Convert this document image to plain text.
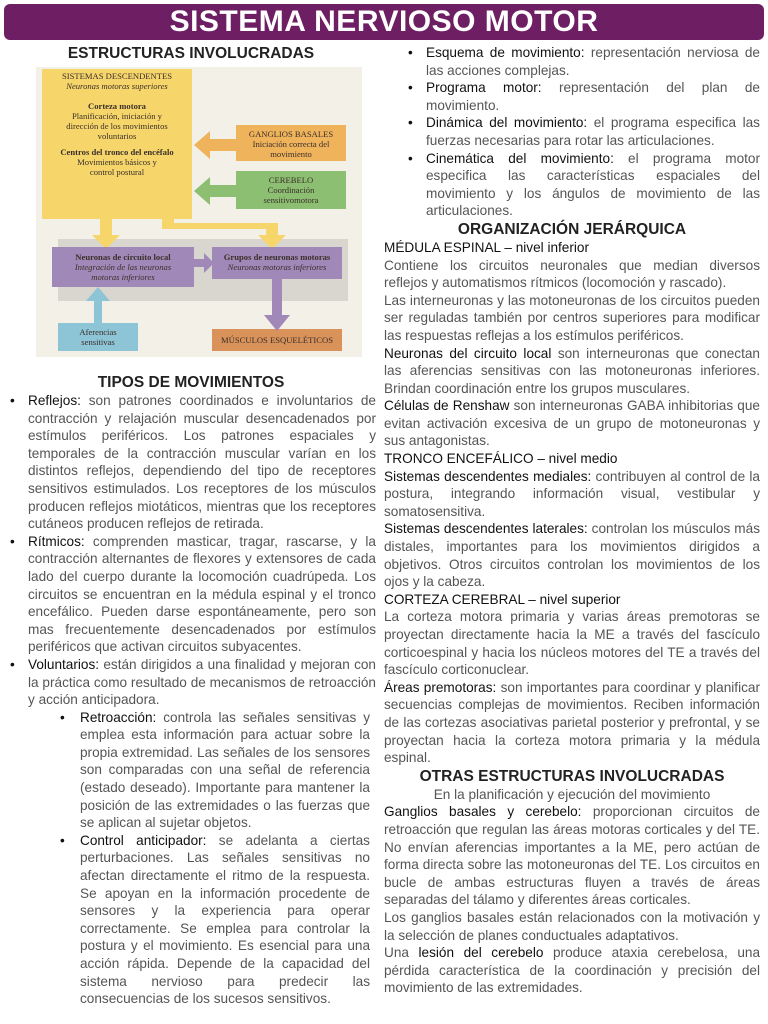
SISTEMA NERVIOSO MOTOR
ESTRUCTURAS INVOLUCRADAS
SISTEMAS DESCENDENTES
Neuronas motoras superiores
Corteza motora
Planificación, iniciación y dirección de los movimientos voluntarios
Centros del tronco del encéfalo
Movimientos básicos y control postural
GANGLIOS BASALES
Iniciación correcta del movimiento
CEREBELO
Coordinación sensitivomotora
Neuronas de circuito local
Integración de las neuronas motoras inferiores
Grupos de neuronas motoras
Neuronas motoras inferiores
Aferencias sensitivas	MÚSCULOS ESQUELÉTICOS
TIPOS DE MOVIMIENTOS
• Reflejos: son patrones coordinados e involuntarios de contracción y relajación muscular desencadenados por estímulos periféricos. Los patrones espaciales y temporales de la contracción muscular varían en los distintos reflejos, dependiendo del tipo de receptores sensitivos estimulados. Los receptores de los músculos producen reflejos miotáticos, mientras que los receptores cutáneos producen reflejos de retirada.
• Rítmicos: comprenden masticar, tragar, rascarse, y la contracción alternantes de flexores y extensores de cada lado del cuerpo durante la locomoción cuadrúpeda. Los circuitos se encuentran en la médula espinal y el tronco encefálico. Pueden darse espontáneamente, pero son mas frecuentemente desencadenados por estímulos periféricos que activan circuitos subyacentes.
• Voluntarios: están dirigidos a una finalidad y mejoran con la práctica como resultado de mecanismos de retroacción y acción anticipadora.
• Retroacción: controla las señales sensitivas y emplea esta información para actuar sobre la propia extremidad. Las señales de los sensores son comparadas con una señal de referencia (estado deseado). Importante para mantener la posición de las extremidades o las fuerzas que se aplican al sujetar objetos.
• Control anticipador: se adelanta a ciertas perturbaciones. Las señales sensitivas no afectan directamente el ritmo de la respuesta. Se apoyan en la información procedente de sensores y la experiencia para operar correctamente. Se emplea para controlar la postura y el movimiento. Es esencial para una acción rápida. Depende de la capacidad del sistema nervioso para predecir las consecuencias de los sucesos sensitivos.
• Esquema de movimiento: representación nerviosa de las acciones complejas.
• Programa motor: representación del plan de movimiento.
• Dinámica del movimiento: el programa especifica las fuerzas necesarias para rotar las articulaciones.
• Cinemática del movimiento: el programa motor especifica las características espaciales del movimiento y los ángulos de movimiento de las articulaciones.
ORGANIZACIÓN JERÁRQUICA

MÉDULA ESPINAL – nivel inferior

Contiene los circuitos neuronales que median diversos reflejos y automatismos rítmicos (locomoción y rascado).

Las interneuronas y las motoneuronas de los circuitos pueden ser reguladas también por centros superiores para modificar las respuestas reflejas a los estímulos periféricos.

Neuronas del circuito local son interneuronas que conectan las aferencias sensitivas con las motoneuronas inferiores. Brindan coordinación entre los grupos musculares.

Células de Renshaw son interneuronas GABA inhibitorias que evitan activación excesiva de un grupo de motoneuronas y sus antagonistas.

TRONCO ENCEFÁLICO – nivel medio

Sistemas descendentes mediales: contribuyen al control de la postura, integrando información visual, vestibular y somatosensitiva.

Sistemas descendentes laterales: controlan los músculos más distales, importantes para los movimientos dirigidos a objetivos. Otros circuitos controlan los movimientos de los ojos y la cabeza.

CORTEZA CEREBRAL – nivel superior

La corteza motora primaria y varias áreas premotoras se proyectan directamente hacia la ME a través del fascículo corticoespinal y hacia los núcleos motores del TE a través del fascículo corticonuclear.

Áreas premotoras: son importantes para coordinar y planificar secuencias complejas de movimientos. Reciben información de las cortezas asociativas parietal posterior y prefrontal, y se proyectan hacia la corteza motora primaria y la médula espinal.

OTRAS ESTRUCTURAS INVOLUCRADAS

En la planificación y ejecución del movimiento

Ganglios basales y cerebelo: proporcionan circuitos de retroacción que regulan las áreas motoras corticales y del TE. No envían aferencias importantes a la ME, pero actúan de forma directa sobre las motoneuronas del TE. Los circuitos en bucle de ambas estructuras fluyen a través de áreas separadas del tálamo y diferentes áreas corticales.

Los ganglios basales están relacionados con la motivación y la selección de planes conductuales adaptativos.

Una lesión del cerebelo produce ataxia cerebelosa, una pérdida característica de la coordinación y precisión del movimiento de las extremidades.
